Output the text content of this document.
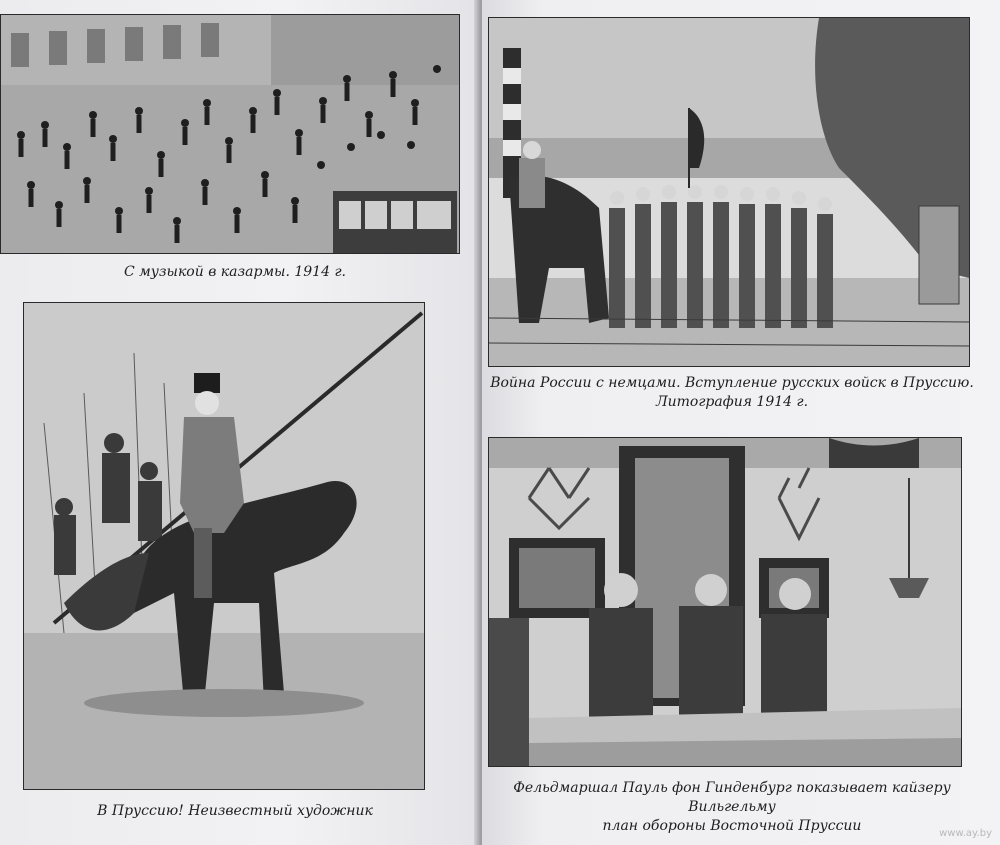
С музыкой в казармы. 1914 г.
В Пруссию! Неизвестный художник
Война России с немцами. Вступление русских войск в Пруссию.
Литография 1914 г.
Фельдмаршал Пауль фон Гинденбург показывает кайзеру Вильгельму
план обороны Восточной Пруссии	www.ay.by
